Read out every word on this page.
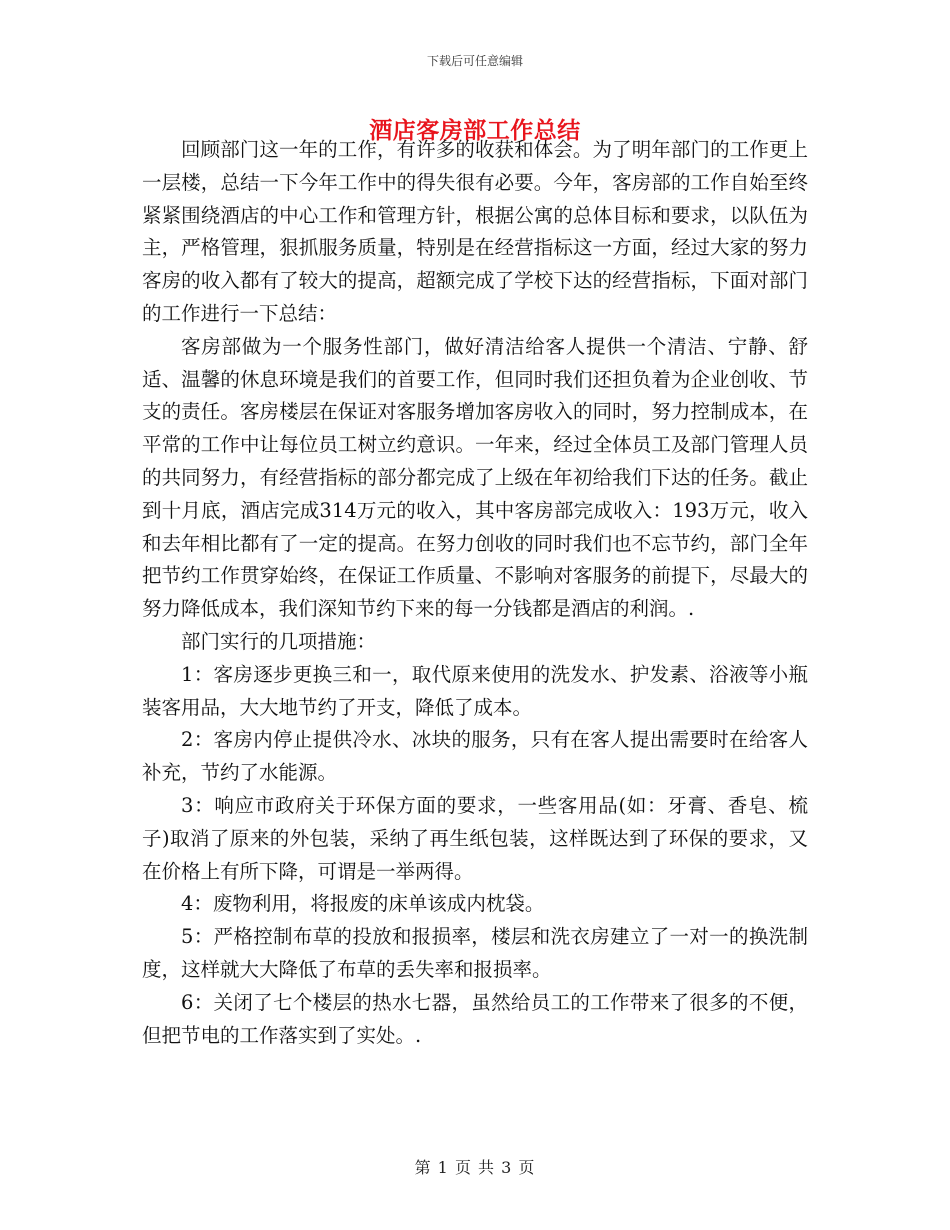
下载后可任意编辑
酒店客房部工作总结

回顾部门这一年的工作，有许多的收获和体会。为了明年部门的工作更上一层楼，总结一下今年工作中的得失很有必要。今年，客房部的工作自始至终紧紧围绕酒店的中心工作和管理方针，根据公寓的总体目标和要求，以队伍为主，严格管理，狠抓服务质量，特别是在经营指标这一方面，经过大家的努力客房的收入都有了较大的提高，超额完成了学校下达的经营指标，下面对部门的工作进行一下总结：

客房部做为一个服务性部门，做好清洁给客人提供一个清洁、宁静、舒适、温馨的休息环境是我们的首要工作，但同时我们还担负着为企业创收、节支的责任。客房楼层在保证对客服务增加客房收入的同时，努力控制成本，在平常的工作中让每位员工树立约意识。一年来，经过全体员工及部门管理人员的共同努力，有经营指标的部分都完成了上级在年初给我们下达的任务。截止到十月底，酒店完成314万元的收入，其中客房部完成收入：193万元，收入和去年相比都有了一定的提高。在努力创收的同时我们也不忘节约，部门全年把节约工作贯穿始终，在保证工作质量、不影响对客服务的前提下，尽最大的努力降低成本，我们深知节约下来的每一分钱都是酒店的利润。.

部门实行的几项措施：

1：客房逐步更换三和一，取代原来使用的洗发水、护发素、浴液等小瓶装客用品，大大地节约了开支，降低了成本。

2：客房内停止提供冷水、冰块的服务，只有在客人提出需要时在给客人补充，节约了水能源。

3：响应市政府关于环保方面的要求，一些客用品(如：牙膏、香皂、梳子)取消了原来的外包装，采纳了再生纸包装，这样既达到了环保的要求，又在价格上有所下降，可谓是一举两得。

4：废物利用，将报废的床单该成内枕袋。

5：严格控制布草的投放和报损率，楼层和洗衣房建立了一对一的换洗制度，这样就大大降低了布草的丢失率和报损率。

6：关闭了七个楼层的热水七器，虽然给员工的工作带来了很多的不便，但把节电的工作落实到了实处。.

第 1 页 共 3 页
